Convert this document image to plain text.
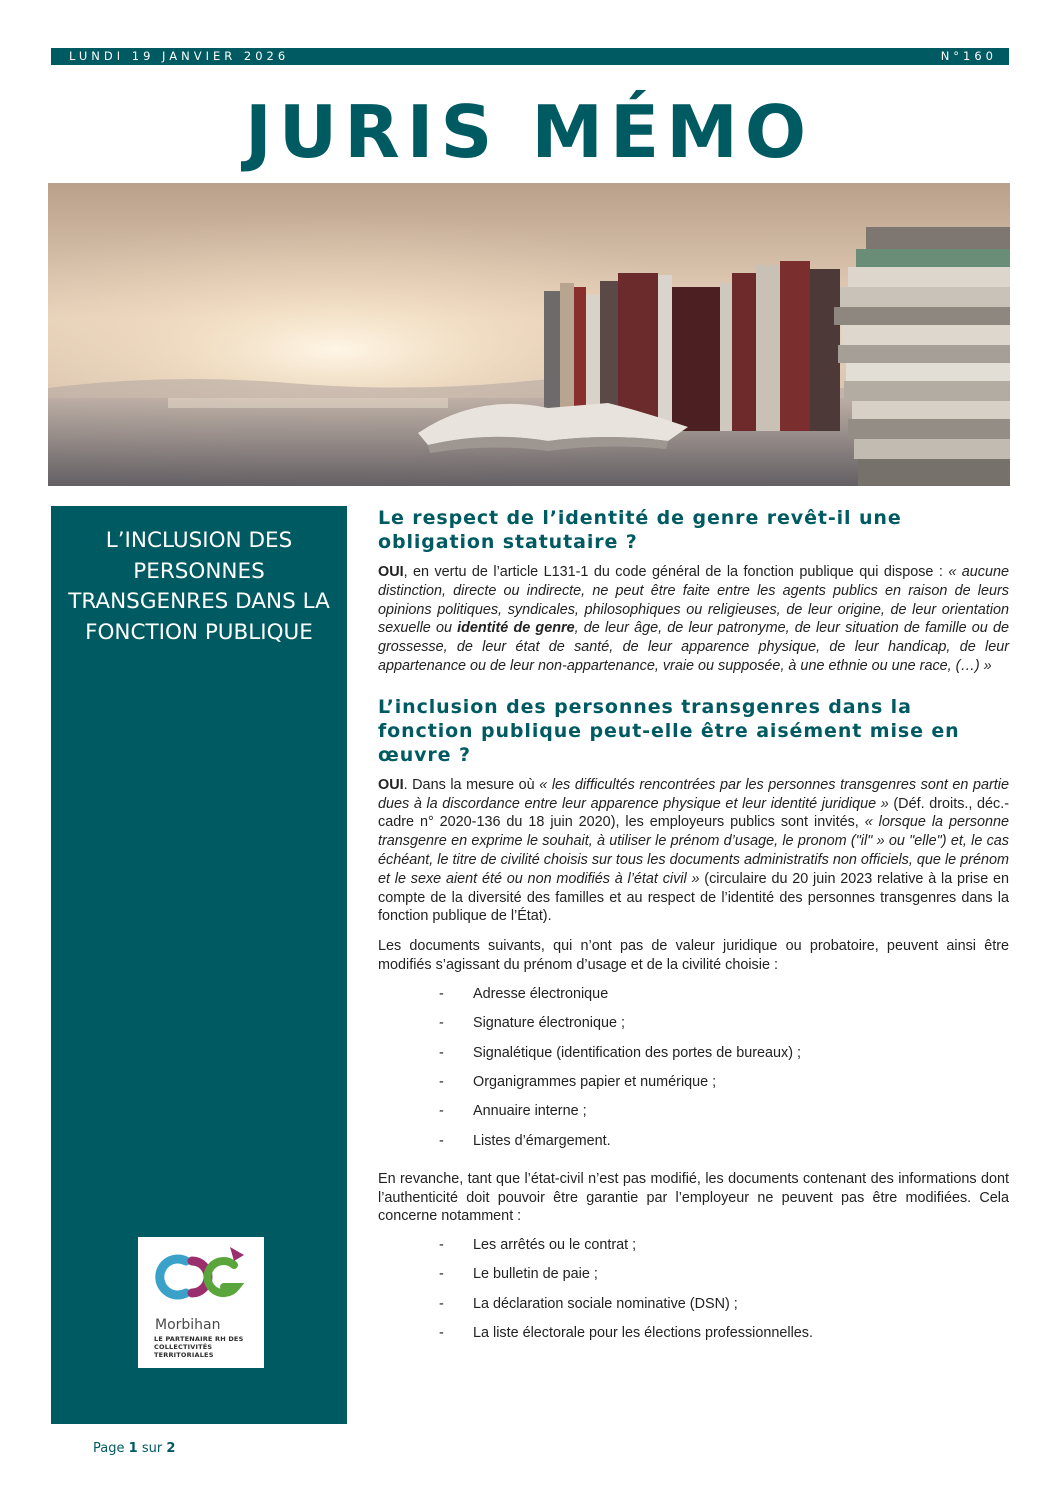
LUNDI 19 JANVIER 2026	N°160
JURIS MÉMO
L’INCLUSION DES PERSONNES TRANSGENRES DANS LA FONCTION PUBLIQUE
Morbihan
LE PARTENAIRE RH DES COLLECTIVITÉS TERRITORIALES
Le respect de l’identité de genre revêt-il une obligation statutaire ?

OUI, en vertu de l’article L131-1 du code général de la fonction publique qui dispose : « aucune distinction, directe ou indirecte, ne peut être faite entre les agents publics en raison de leurs opinions politiques, syndicales, philosophiques ou religieuses, de leur origine, de leur orientation sexuelle ou identité de genre, de leur âge, de leur patronyme, de leur situation de famille ou de grossesse, de leur état de santé, de leur apparence physique, de leur handicap, de leur appartenance ou de leur non-appartenance, vraie ou supposée, à une ethnie ou une race, (…) »

L’inclusion des personnes transgenres dans la fonction publique peut-elle être aisément mise en œuvre ?

OUI. Dans la mesure où « les difficultés rencontrées par les personnes transgenres sont en partie dues à la discordance entre leur apparence physique et leur identité juridique » (Déf. droits., déc.-cadre n° 2020-136 du 18 juin 2020), les employeurs publics sont invités, « lorsque la personne transgenre en exprime le souhait, à utiliser le prénom d’usage, le pronom ("il" » ou "elle") et, le cas échéant, le titre de civilité choisis sur tous les documents administratifs non officiels, que le prénom et le sexe aient été ou non modifiés à l’état civil » (circulaire du 20 juin 2023 relative à la prise en compte de la diversité des familles et au respect de l’identité des personnes transgenres dans la fonction publique de l’État).

Les documents suivants, qui n’ont pas de valeur juridique ou probatoire, peuvent ainsi être modifiés s’agissant du prénom d’usage et de la civilité choisie :

- Adresse électronique
- Signature électronique ;
- Signalétique (identification des portes de bureaux) ;
- Organigrammes papier et numérique ;
- Annuaire interne ;
- Listes d’émargement.

En revanche, tant que l’état-civil n’est pas modifié, les documents contenant des informations dont l’authenticité doit pouvoir être garantie par l’employeur ne peuvent pas être modifiées. Cela concerne notamment :

- Les arrêtés ou le contrat ;
- Le bulletin de paie ;
- La déclaration sociale nominative (DSN) ;
- La liste électorale pour les élections professionnelles.
Page 1 sur 2
